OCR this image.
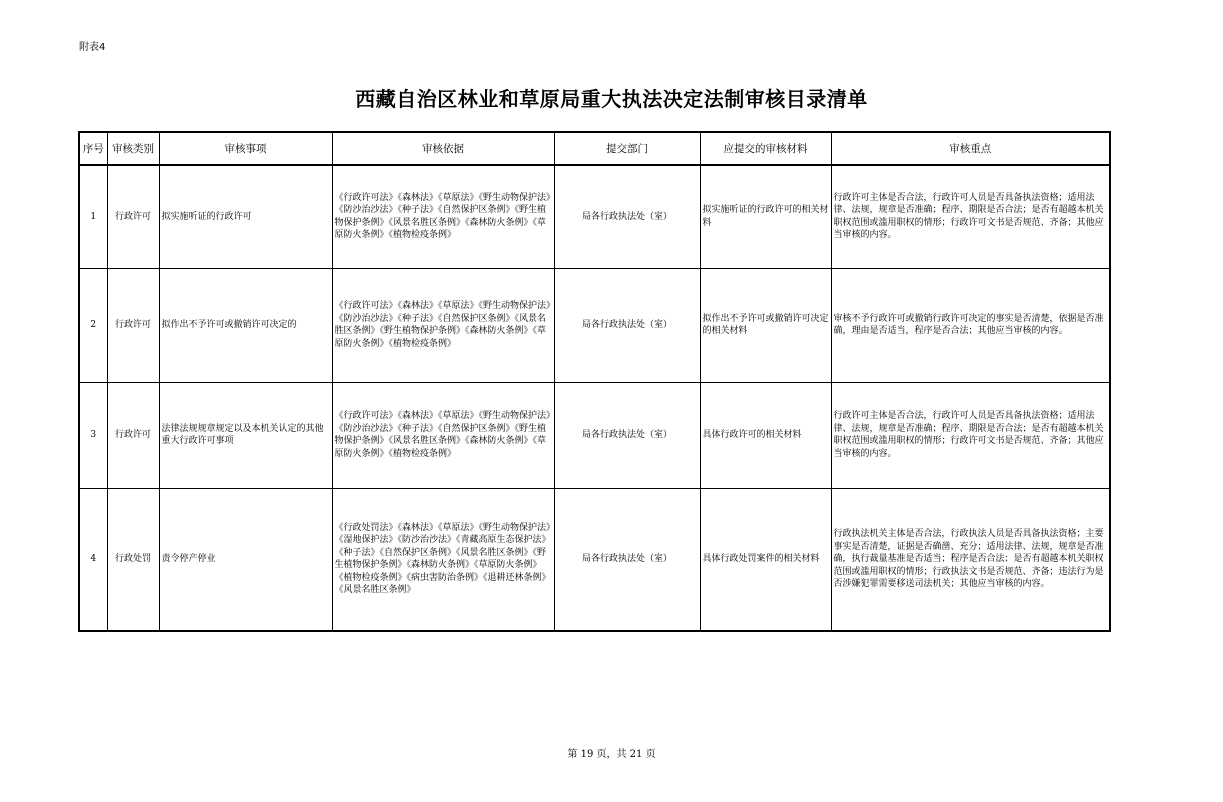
附表4
西藏自治区林业和草原局重大执法决定法制审核目录清单
序号	审核类别	审核事项	审核依据	提交部门	应提交的审核材料	审核重点
1	行政许可	拟实施听证的行政许可	《行政许可法》《森林法》《草原法》《野生动物保护法》《防沙治沙法》《种子法》《自然保护区条例》《野生植物保护条例》《风景名胜区条例》《森林防火条例》《草原防火条例》《植物检疫条例》	局各行政执法处（室）	拟实施听证的行政许可的相关材料	行政许可主体是否合法，行政许可人员是否具备执法资格；适用法律、法规，规章是否准确；程序、期限是否合法；是否有超越本机关职权范围或滥用职权的情形；行政许可文书是否规范、齐备；其他应当审核的内容。
2	行政许可	拟作出不予许可或撤销许可决定的	《行政许可法》《森林法》《草原法》《野生动物保护法》《防沙治沙法》《种子法》《自然保护区条例》《风景名胜区条例》《野生植物保护条例》《森林防火条例》《草原防火条例》《植物检疫条例》	局各行政执法处（室）	拟作出不予许可或撤销许可决定的相关材料	审核不予行政许可或撤销行政许可决定的事实是否清楚，依据是否准确，理由是否适当，程序是否合法；其他应当审核的内容。
3	行政许可	法律法规规章规定以及本机关认定的其他重大行政许可事项	《行政许可法》《森林法》《草原法》《野生动物保护法》《防沙治沙法》《种子法》《自然保护区条例》《野生植物保护条例》《风景名胜区条例》《森林防火条例》《草原防火条例》《植物检疫条例》	局各行政执法处（室）	具体行政许可的相关材料	行政许可主体是否合法，行政许可人员是否具备执法资格；适用法律、法规，规章是否准确；程序、期限是否合法；是否有超越本机关职权范围或滥用职权的情形；行政许可文书是否规范、齐备；其他应当审核的内容。
4	行政处罚	责令停产停业	《行政处罚法》《森林法》《草原法》《野生动物保护法》《湿地保护法》《防沙治沙法》《青藏高原生态保护法》《种子法》《自然保护区条例》《风景名胜区条例》《野生植物保护条例》《森林防火条例》《草原防火条例》《植物检疫条例》《病虫害防治条例》《退耕还林条例》《风景名胜区条例》	局各行政执法处（室）	具体行政处罚案件的相关材料	行政执法机关主体是否合法，行政执法人员是否具备执法资格；主要事实是否清楚，证据是否确凿、充分；适用法律、法规，规章是否准确，执行裁量基准是否适当；程序是否合法；是否有超越本机关职权范围或滥用职权的情形；行政执法文书是否规范、齐备；违法行为是否涉嫌犯罪需要移送司法机关；其他应当审核的内容。
第 19 页，共 21 页
